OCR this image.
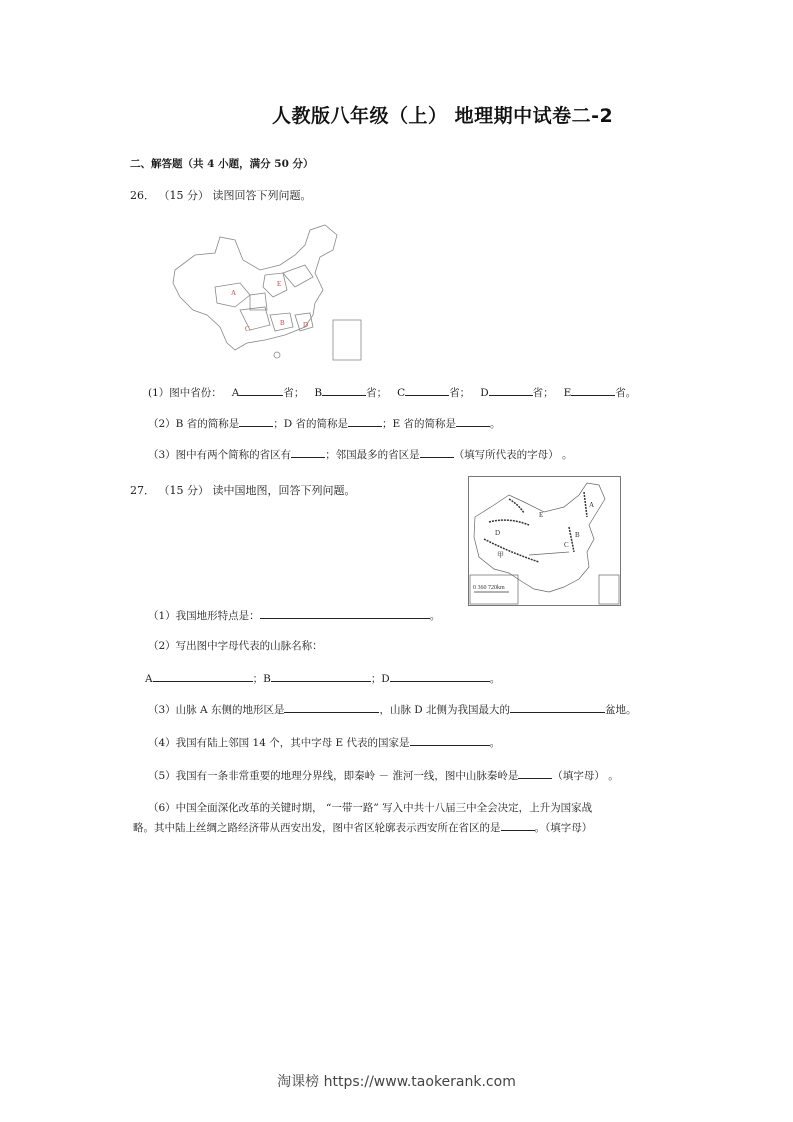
人教版八年级（上） 地理期中试卷二-2
二、解答题（共 4 小题，满分 50 分）
26． （15 分） 读图回答下列问题。
A
E
B	D
C
(1）图中省份： A	省； B	省； C	省； D	省； E	省。
（2）B 省的简称是	；D 省的简称是	；E 省的简称是	。
（3）图中有两个简称的省区有	；邻国最多的省区是	（填写所代表的字母） 。
27． （15 分） 读中国地图，回答下列问题。
A
B
C
D
E
甲
0 360 720km
（1）我国地形特点是：	。
（2）写出图中字母代表的山脉名称：
A	；B	；D	。
（3）山脉 A 东侧的地形区是	，山脉 D 北侧为我国最大的	盆地。
（4）我国有陆上邻国 14 个，其中字母 E 代表的国家是	。
（5）我国有一条非常重要的地理分界线，即秦岭 － 淮河一线，图中山脉秦岭是	（填字母） 。
（6）中国全面深化改革的关键时期， “一带一路” 写入中共十八届三中全会决定，上升为国家战
略。其中陆上丝绸之路经济带从西安出发，图中省区轮廓表示西安所在省区的是	。（填字母）
淘课榜 https://www.taokerank.com
